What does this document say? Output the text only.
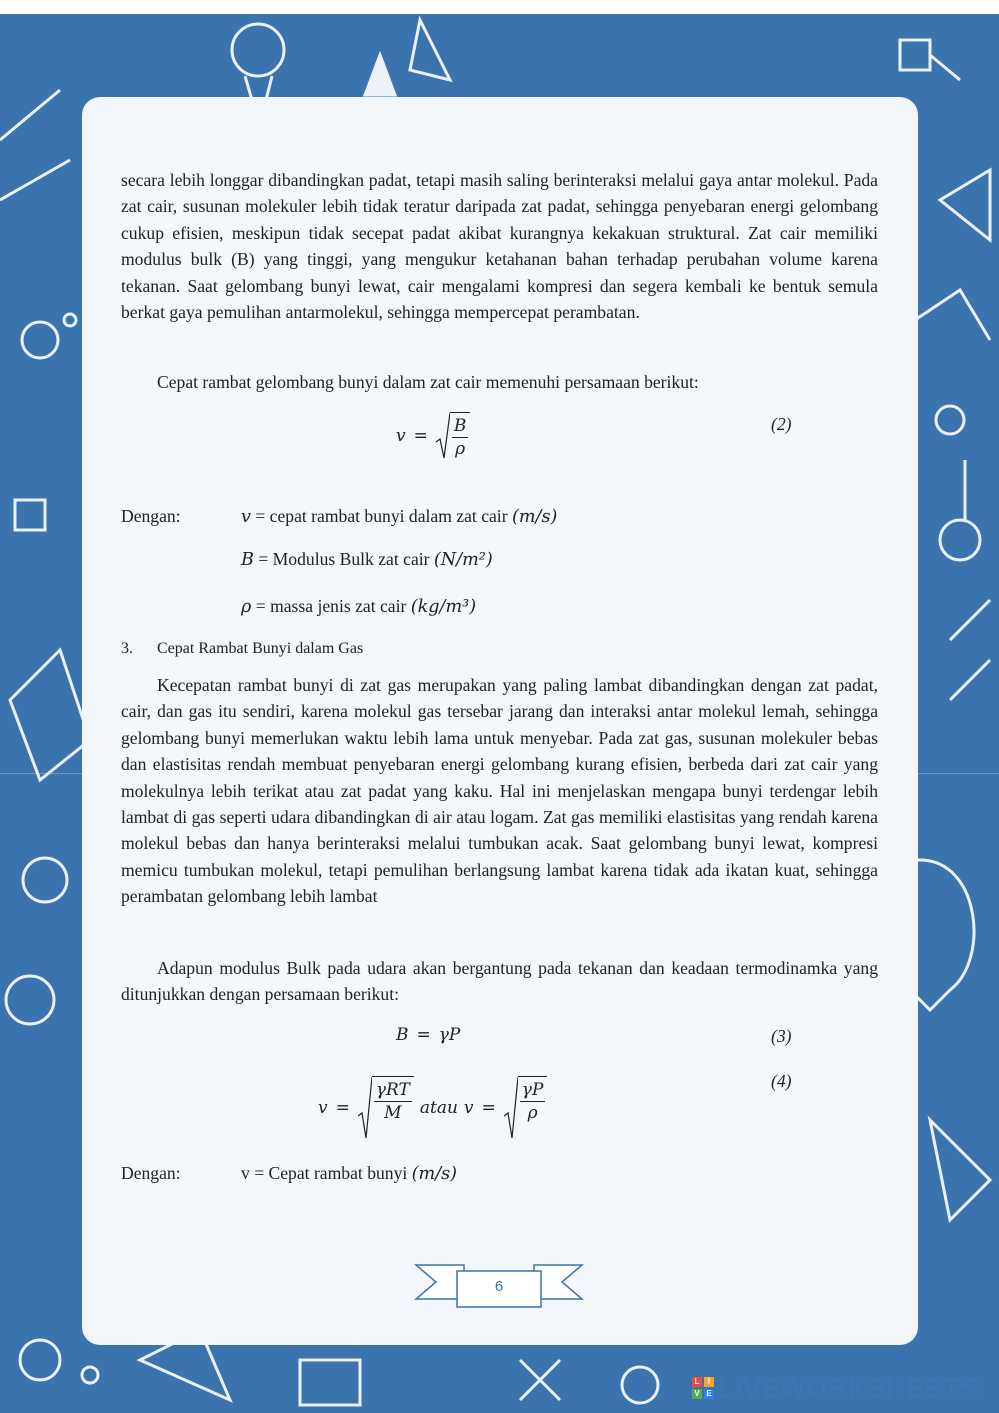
secara lebih longgar dibandingkan padat, tetapi masih saling berinteraksi melalui gaya antar molekul. Pada zat cair, susunan molekuler lebih tidak teratur daripada zat padat, sehingga penyebaran energi gelombang cukup efisien, meskipun tidak secepat padat akibat kurangnya kekakuan struktural. Zat cair memiliki modulus bulk (B) yang tinggi, yang mengukur ketahanan bahan terhadap perubahan volume karena tekanan. Saat gelombang bunyi lewat, cair mengalami kompresi dan segera kembali ke bentuk semula berkat gaya pemulihan antarmolekul, sehingga mempercepat perambatan.

Cepat rambat gelombang bunyi dalam zat cair memenuhi persamaan berikut:

$v = \frac{B}{\rho}$	(2)
Dengan:	v = cepat rambat bunyi dalam zat cair (m/s)
B = Modulus Bulk zat cair (N/m²)
ρ = massa jenis zat cair (kg/m³)
3. Cepat Rambat Bunyi dalam Gas

Kecepatan rambat bunyi di zat gas merupakan yang paling lambat dibandingkan dengan zat padat, cair, dan gas itu sendiri, karena molekul gas tersebar jarang dan interaksi antar molekul lemah, sehingga gelombang bunyi memerlukan waktu lebih lama untuk menyebar. Pada zat gas, susunan molekuler bebas dan elastisitas rendah membuat penyebaran energi gelombang kurang efisien, berbeda dari zat cair yang molekulnya lebih terikat atau zat padat yang kaku. Hal ini menjelaskan mengapa bunyi terdengar lebih lambat di gas seperti udara dibandingkan di air atau logam. Zat gas memiliki elastisitas yang rendah karena molekul bebas dan hanya berinteraksi melalui tumbukan acak. Saat gelombang bunyi lewat, kompresi memicu tumbukan molekul, tetapi pemulihan berlangsung lambat karena tidak ada ikatan kuat, sehingga perambatan gelombang lebih lambat

Adapun modulus Bulk pada udara akan bergantung pada tekanan dan keadaan termodinamka yang ditunjukkan dengan persamaan berikut:

B = γP	(3)
$v = \frac{\text{γRT}}{M}$ atau $v = \frac{\gamma P}{\rho}$	(4)
Dengan:	v = Cepat rambat bunyi (m/s)
6
L	I
V E LIVEWORKSHEETS
